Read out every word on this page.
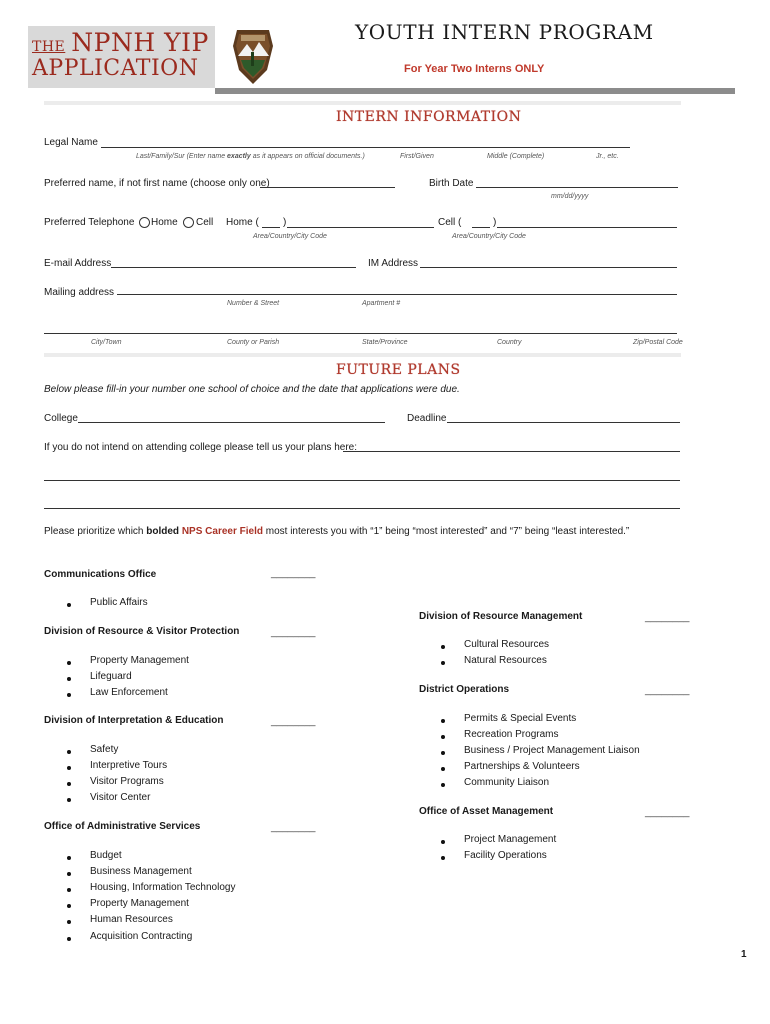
THE NPNH YIP
APPLICATION
YOUTH INTERN PROGRAM
For Year Two Interns ONLY
INTERN INFORMATION
Legal Name
Last/Family/Sur (Enter name exactly as it appears on official documents.)	First/Given	Middle (Complete)	Jr., etc.
Preferred name, if not first name (choose only one)	Birth Date
mm/dd/yyyy
Preferred Telephone Home Cell Home ( )	Cell (	)
Area/Country/City Code	Area/Country/City Code
E-mail Address	IM Address
Mailing address
Number & Street	Apartment #
City/Town	County or Parish	State/Province	Country	Zip/Postal Code
FUTURE PLANS
Below please fill-in your number one school of choice and the date that applications were due.
College	Deadline
If you do not intend on attending college please tell us your plans here:
Please prioritize which bolded NPS Career Field most interests you with “1” being “most interested” and “7” being “least interested.”
Communications Office	________
Public Affairs
Division of Resource & Visitor Protection	________
Property Management
Lifeguard
Law Enforcement
Division of Interpretation & Education	________
Safety
Interpretive Tours
Visitor Programs
Visitor Center
Office of Administrative Services	________
Budget
Business Management
Housing, Information Technology
Property Management
Human Resources
Acquisition Contracting
Division of Resource Management	________
Cultural Resources
Natural Resources
District Operations	________
Permits & Special Events
Recreation Programs
Business / Project Management Liaison
Partnerships & Volunteers
Community Liaison
Office of Asset Management	________
Project Management
Facility Operations
1
